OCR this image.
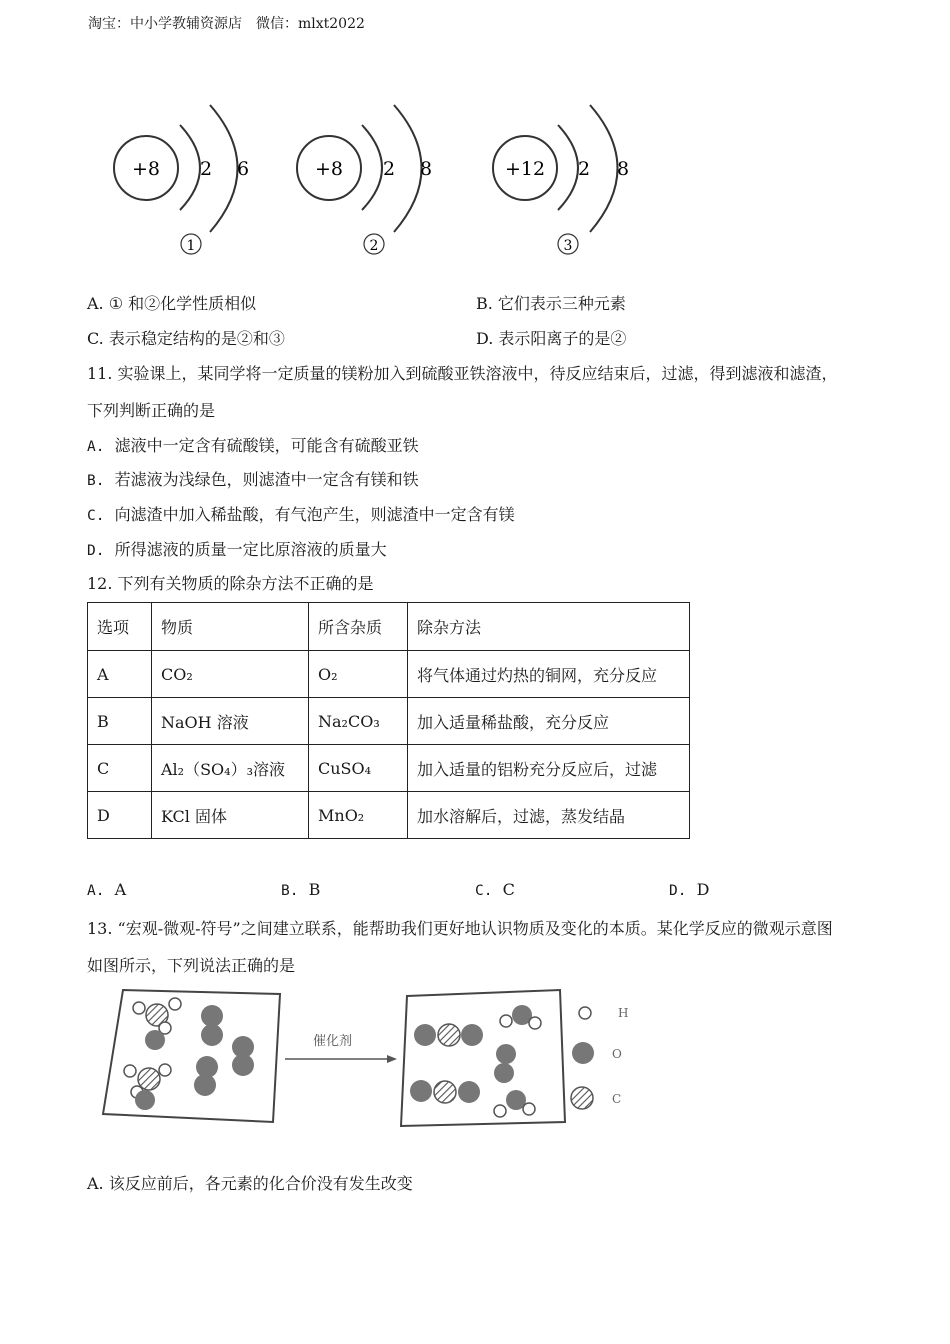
淘宝：中小学教辅资源店　微信：mlxt2022
+8 2 6
1
+8 2 8
2
+12 2 8
3
A. ① 和②化学性质相似	B. 它们表示三种元素
C. 表示稳定结构的是②和③	D. 表示阳离子的是②
11. 实验课上，某同学将一定质量的镁粉加入到硫酸亚铁溶液中，待反应结束后，过滤，得到滤液和滤渣，
下列判断正确的是
A. 滤液中一定含有硫酸镁，可能含有硫酸亚铁
B. 若滤液为浅绿色，则滤渣中一定含有镁和铁
C. 向滤渣中加入稀盐酸，有气泡产生，则滤渣中一定含有镁
D. 所得滤液的质量一定比原溶液的质量大
12. 下列有关物质的除杂方法不正确的是
选项	物质	所含杂质	除杂方法
A	CO₂	O₂	将气体通过灼热的铜网，充分反应
B	NaOH 溶液	Na₂CO₃	加入适量稀盐酸，充分反应
C	Al₂（SO₄）₃溶液	CuSO₄	加入适量的铝粉充分反应后，过滤
D	KCl 固体	MnO₂	加水溶解后，过滤，蒸发结晶
A. A	B. B	C. C	D. D
13. “宏观-微观-符号”之间建立联系，能帮助我们更好地认识物质及变化的本质。某化学反应的微观示意图
如图所示，下列说法正确的是
催化剂
H
O
C
A. 该反应前后，各元素的化合价没有发生改变
